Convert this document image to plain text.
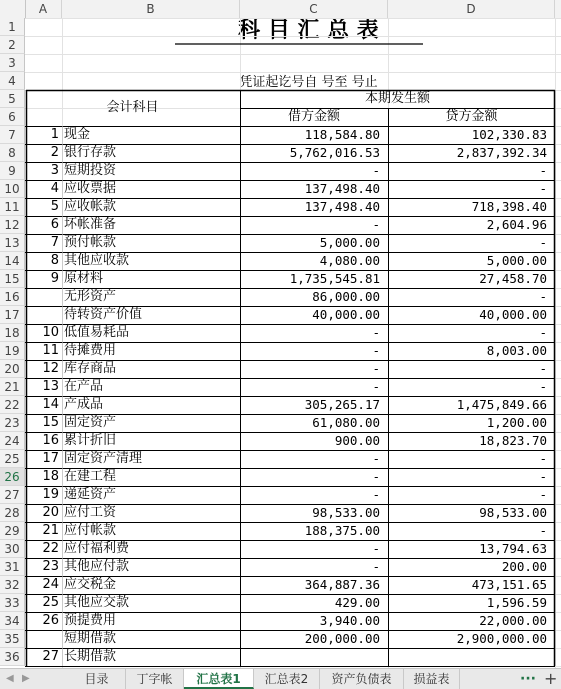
A	B	C	D
1
2
3
4
5
6
7
8
9
10
11
12
13
14
15
16
17
18
19
20
21
22
23
24
25
26
27
28
29
30
31
32
33
34
35
36
科 目 汇 总 表
凭证起讫号自 号至 号止
会计科目
本期发生额
借方金额	贷方金额
1 现金	118,584.80	102,330.83
2 银行存款	5,762,016.53	2,837,392.34
3 短期投资	-	-
4 应收票据	137,498.40	-
5 应收帐款	137,498.40	718,398.40
6 坏帐准备	-	2,604.96
7 预付帐款	5,000.00	-
8 其他应收款	4,080.00	5,000.00
9 原材料	1,735,545.81	27,458.70
无形资产	86,000.00	-
待转资产价值	40,000.00	40,000.00
10 低值易耗品	-	-
11 待摊费用	-	8,003.00
12 库存商品	-	-
13 在产品	-	-
14 产成品	305,265.17	1,475,849.66
15 固定资产	61,080.00	1,200.00
16 累计折旧	900.00	18,823.70
17 固定资产清理	-	-
18 在建工程	-	-
19 递延资产	-	-
20 应付工资	98,533.00	98,533.00
21 应付帐款	188,375.00	-
22 应付福利费	-	13,794.63
23 其他应付款	-	200.00
24 应交税金	364,887.36	473,151.65
25 其他应交款	429.00	1,596.59
26 预提费用	3,940.00	22,000.00
短期借款	200,000.00	2,900,000.00
27 长期借款
◀ ▶	目录	丁字帐	汇总表1	汇总表2	资产负债表	损益表	··· +
